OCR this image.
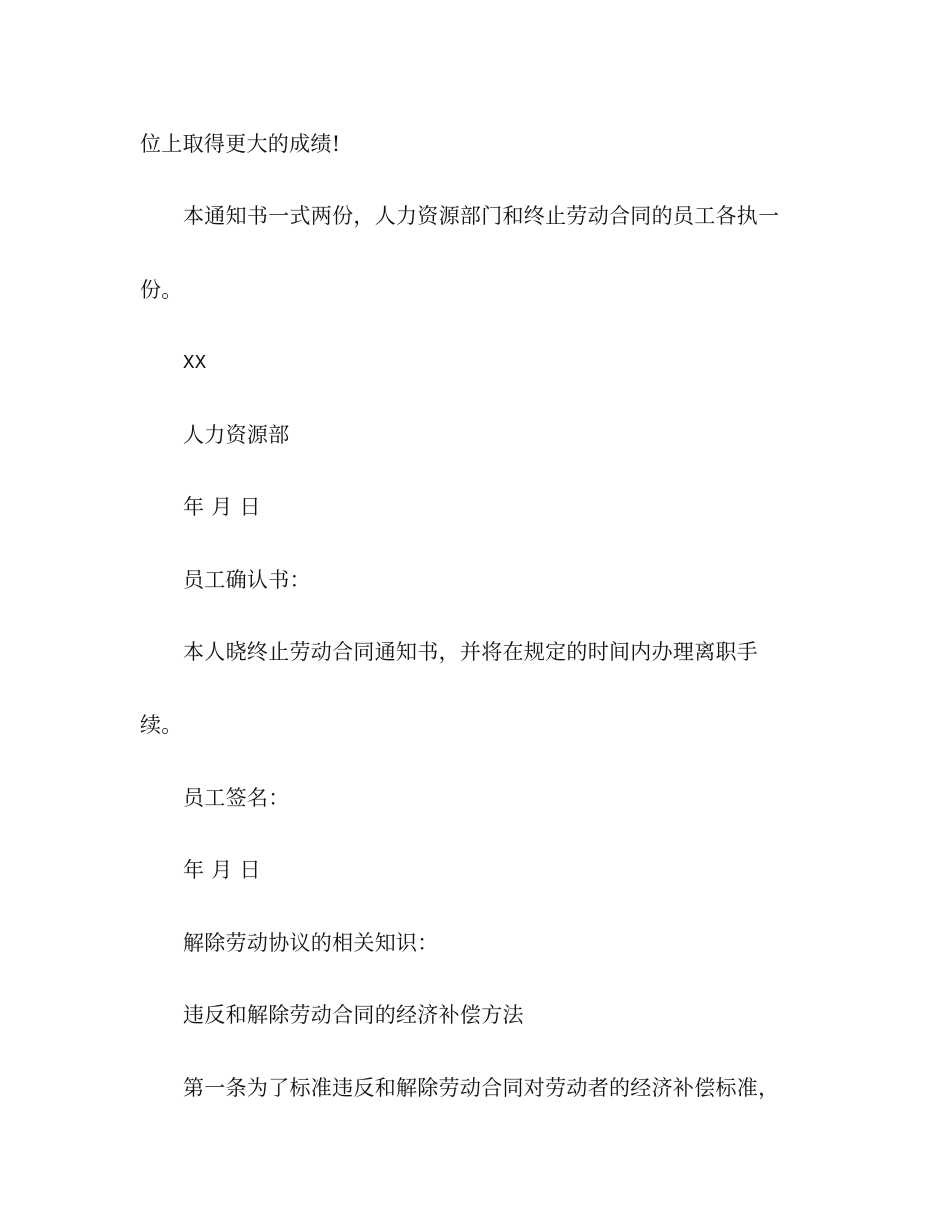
位上取得更大的成绩!
本通知书一式两份，人力资源部门和终止劳动合同的员工各执一
份。
XX
人力资源部
年 月 日
员工确认书：
本人晓终止劳动合同通知书，并将在规定的时间内办理离职手
续。
员工签名：
年 月 日
解除劳动协议的相关知识：
违反和解除劳动合同的经济补偿方法
第一条为了标准违反和解除劳动合同对劳动者的经济补偿标准，
